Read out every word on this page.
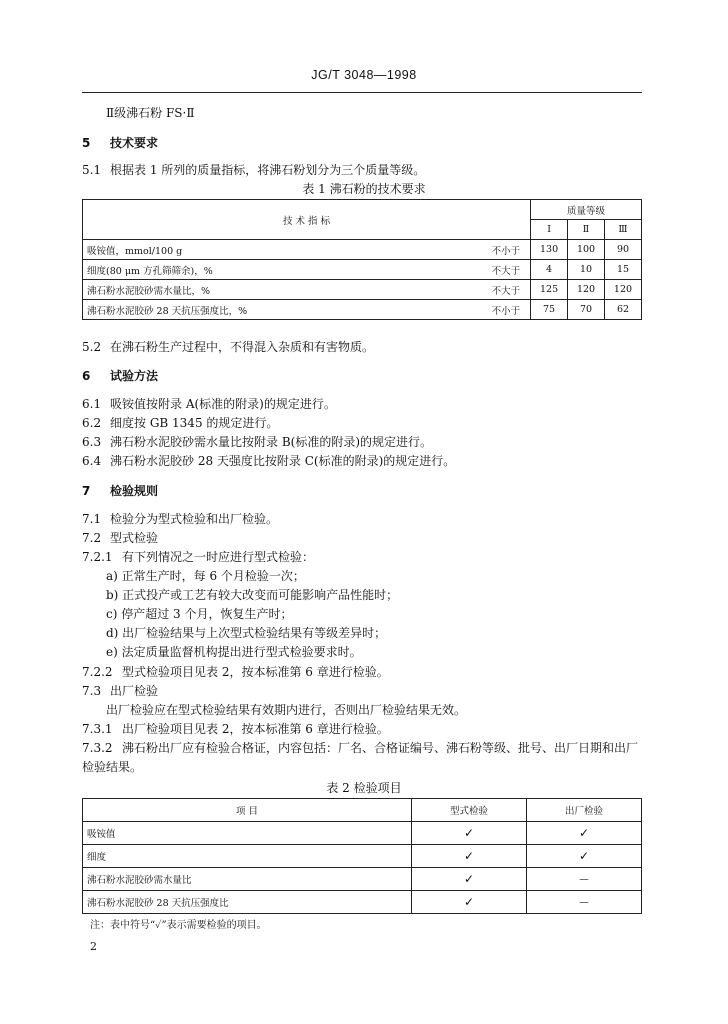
JG/T 3048—1998
Ⅱ级沸石粉 FS·Ⅱ
5 技术要求
5.1 根据表 1 所列的质量指标，将沸石粉划分为三个质量等级。
表 1 沸石粉的技术要求
技 术 指 标		质量等级		
		Ⅰ	Ⅱ	Ⅲ
吸铵值，mmol/100 g	不小于	130	100	90
细度(80 μm 方孔筛筛余)，%	不大于	4	10	15
沸石粉水泥胶砂需水量比，%	不大于	125	120	120
沸石粉水泥胶砂 28 天抗压强度比，%	不小于	75	70	62
5.2 在沸石粉生产过程中，不得混入杂质和有害物质。
6 试验方法
6.1 吸铵值按附录 A(标准的附录)的规定进行。
6.2 细度按 GB 1345 的规定进行。
6.3 沸石粉水泥胶砂需水量比按附录 B(标准的附录)的规定进行。
6.4 沸石粉水泥胶砂 28 天强度比按附录 C(标准的附录)的规定进行。
7 检验规则
7.1 检验分为型式检验和出厂检验。
7.2 型式检验
7.2.1 有下列情况之一时应进行型式检验：
a) 正常生产时，每 6 个月检验一次；
b) 正式投产或工艺有较大改变而可能影响产品性能时；
c) 停产超过 3 个月，恢复生产时；
d) 出厂检验结果与上次型式检验结果有等级差异时；
e) 法定质量监督机构提出进行型式检验要求时。
7.2.2 型式检验项目见表 2，按本标准第 6 章进行检验。
7.3 出厂检验
出厂检验应在型式检验结果有效期内进行，否则出厂检验结果无效。
7.3.1 出厂检验项目见表 2，按本标准第 6 章进行检验。
7.3.2 沸石粉出厂应有检验合格证，内容包括：厂名、合格证编号、沸石粉等级、批号、出厂日期和出厂
检验结果。
表 2 检验项目
项 目	型式检验	出厂检验
吸铵值	✓	✓
细度	✓	✓
沸石粉水泥胶砂需水量比	✓	—
沸石粉水泥胶砂 28 天抗压强度比	✓	—
注：表中符号“✓”表示需要检验的项目。
2
